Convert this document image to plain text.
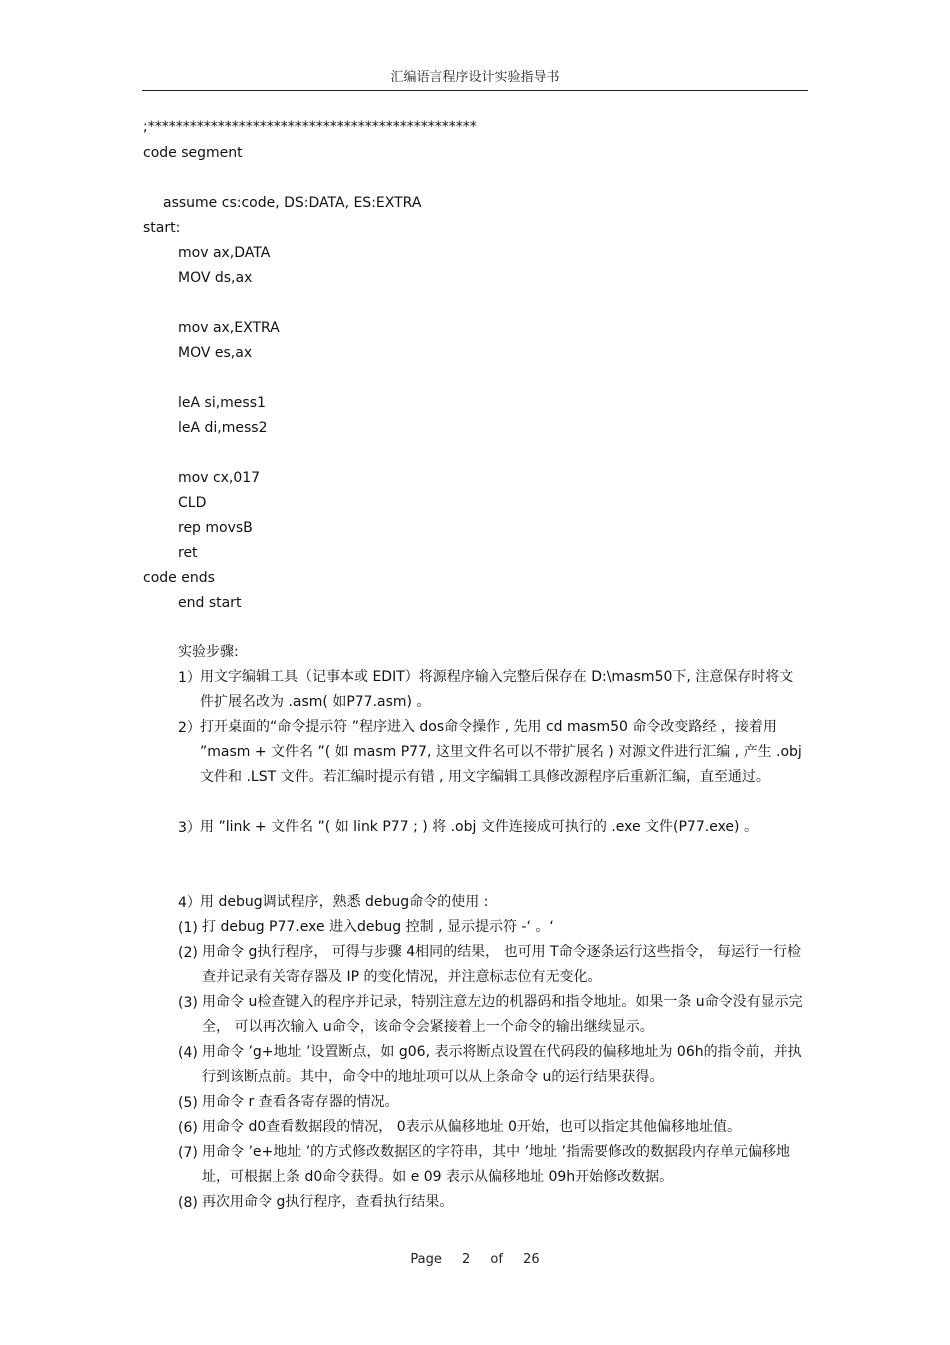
汇编语言程序设计实验指导书
;***********************************************
code segment
assume cs:code, DS:DATA, ES:EXTRA
start:
mov ax,DATA
MOV ds,ax
mov ax,EXTRA
MOV es,ax
leA si,mess1
leA di,mess2
mov cx,017
CLD
rep movsB
ret
code ends
end start
实验步骤:
1） 用文字编辑工具（记事本或 EDIT）将源程序输入完整后保存在 D:\masm50下, 注意保存时将文件扩展名改为 .asm( 如P77.asm) 。
2） 打开桌面的“命令提示符 ”程序进入 dos命令操作 , 先用 cd masm50 命令改变路经 ，接着用 ”masm + 文件名 ”( 如 masm P77, 这里文件名可以不带扩展名 ) 对源文件进行汇编 , 产生 .obj 文件和 .LST 文件。若汇编时提示有错 , 用文字编辑工具修改源程序后重新汇编，直至通过。
3） 用 ”link + 文件名 ”( 如 link P77 ; ) 将 .obj 文件连接成可执行的 .exe 文件(P77.exe) 。
4） 用 debug调试程序，熟悉 debug命令的使用 :
(1) 打 debug P77.exe 进入debug 控制 , 显示提示符 -‘ 。‘
(2) 用命令 g执行程序， 可得与步骤 4相同的结果， 也可用 T命令逐条运行这些指令， 每运行一行检查并记录有关寄存器及 IP 的变化情况，并注意标志位有无变化。
(3) 用命令 u检查键入的程序并记录，特别注意左边的机器码和指令地址。如果一条 u命令没有显示完全， 可以再次输入 u命令，该命令会紧接着上一个命令的输出继续显示。
(4) 用命令 ’g+地址 ’设置断点，如 g06, 表示将断点设置在代码段的偏移地址为 06h的指令前，并执行到该断点前。其中，命令中的地址项可以从上条命令 u的运行结果获得。
(5) 用命令 r 查看各寄存器的情况。
(6) 用命令 d0查看数据段的情况， 0表示从偏移地址 0开始，也可以指定其他偏移地址值。
(7) 用命令 ’e+地址 ’的方式修改数据区的字符串，其中 ’地址 ’指需要修改的数据段内存单元偏移地址，可根据上条 d0命令获得。如 e 09 表示从偏移地址 09h开始修改数据。
(8) 再次用命令 g执行程序，查看执行结果。
Page 2 of 26
